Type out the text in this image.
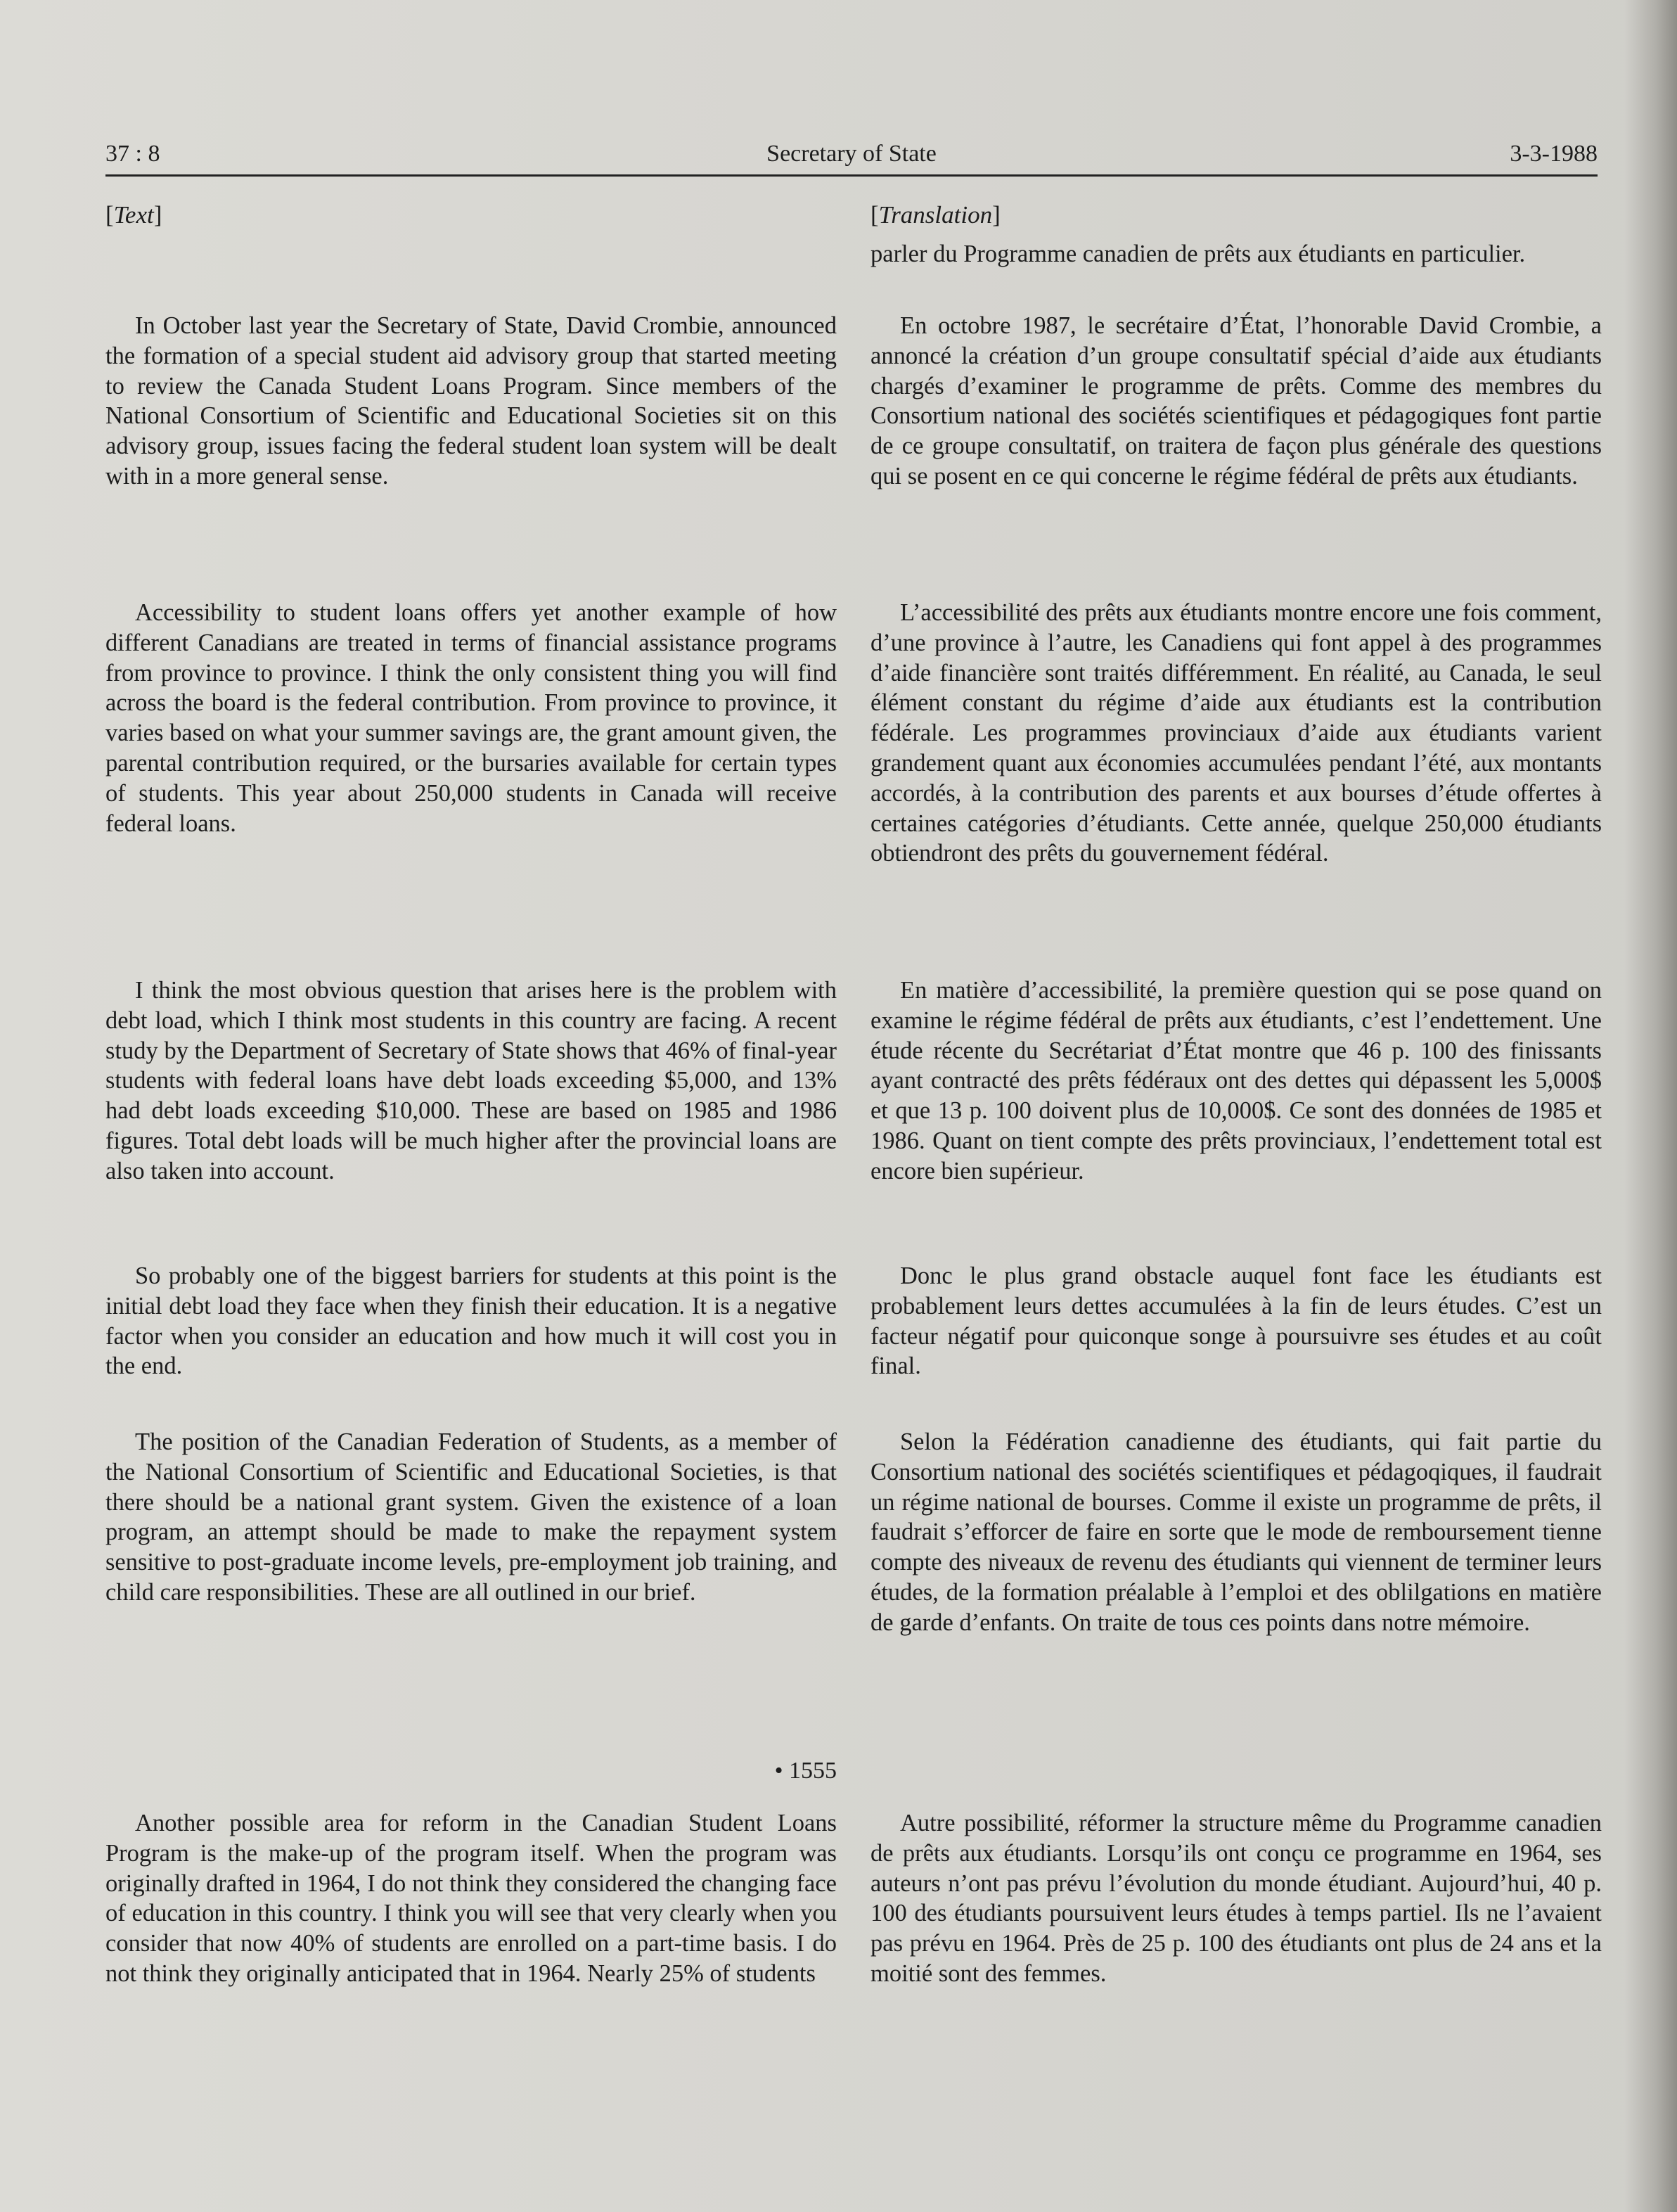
37 : 8	Secretary of State	3-3-1988
[Text]

In October last year the Secretary of State, David Crombie, announced the formation of a special student aid advisory group that started meeting to review the Canada Student Loans Program. Since members of the National Consortium of Scientific and Educational Societies sit on this advisory group, issues facing the federal student loan system will be dealt with in a more general sense.

Accessibility to student loans offers yet another example of how different Canadians are treated in terms of financial assistance programs from province to province. I think the only consistent thing you will find across the board is the federal contribution. From province to province, it varies based on what your summer savings are, the grant amount given, the parental contribution required, or the bursaries available for certain types of students. This year about 250,000 students in Canada will receive federal loans.

I think the most obvious question that arises here is the problem with debt load, which I think most students in this country are facing. A recent study by the Department of Secretary of State shows that 46% of final-year students with federal loans have debt loads exceeding $5,000, and 13% had debt loads exceeding $10,000. These are based on 1985 and 1986 figures. Total debt loads will be much higher after the provincial loans are also taken into account.

So probably one of the biggest barriers for students at this point is the initial debt load they face when they finish their education. It is a negative factor when you consider an education and how much it will cost you in the end.

The position of the Canadian Federation of Students, as a member of the National Consortium of Scientific and Educational Societies, is that there should be a national grant system. Given the existence of a loan program, an attempt should be made to make the repayment system sensitive to post-graduate income levels, pre-employment job training, and child care responsibilities. These are all outlined in our brief.

• 1555

Another possible area for reform in the Canadian Student Loans Program is the make-up of the program itself. When the program was originally drafted in 1964, I do not think they considered the changing face of education in this country. I think you will see that very clearly when you consider that now 40% of students are enrolled on a part-time basis. I do not think they originally anticipated that in 1964. Nearly 25% of students

[Translation]

parler du Programme canadien de prêts aux étudiants en particulier.

En octobre 1987, le secrétaire d’État, l’honorable David Crombie, a annoncé la création d’un groupe consultatif spécial d’aide aux étudiants chargés d’examiner le programme de prêts. Comme des membres du Consortium national des sociétés scientifiques et pédagogiques font partie de ce groupe consultatif, on traitera de façon plus générale des questions qui se posent en ce qui concerne le régime fédéral de prêts aux étudiants.

L’accessibilité des prêts aux étudiants montre encore une fois comment, d’une province à l’autre, les Canadiens qui font appel à des programmes d’aide financière sont traités différemment. En réalité, au Canada, le seul élément constant du régime d’aide aux étudiants est la contribution fédérale. Les programmes provinciaux d’aide aux étudiants varient grandement quant aux économies accumulées pendant l’été, aux montants accordés, à la contribution des parents et aux bourses d’étude offertes à certaines catégories d’étudiants. Cette année, quelque 250,000 étudiants obtiendront des prêts du gouvernement fédéral.

En matière d’accessibilité, la première question qui se pose quand on examine le régime fédéral de prêts aux étudiants, c’est l’endettement. Une étude récente du Secrétariat d’État montre que 46 p. 100 des finissants ayant contracté des prêts fédéraux ont des dettes qui dépassent les 5,000$ et que 13 p. 100 doivent plus de 10,000$. Ce sont des données de 1985 et 1986. Quant on tient compte des prêts provinciaux, l’endettement total est encore bien supérieur.

Donc le plus grand obstacle auquel font face les étudiants est probablement leurs dettes accumulées à la fin de leurs études. C’est un facteur négatif pour quiconque songe à poursuivre ses études et au coût final.

Selon la Fédération canadienne des étudiants, qui fait partie du Consortium national des sociétés scientifiques et pédagoqiques, il faudrait un régime national de bourses. Comme il existe un programme de prêts, il faudrait s’efforcer de faire en sorte que le mode de remboursement tienne compte des niveaux de revenu des étudiants qui viennent de terminer leurs études, de la formation préalable à l’emploi et des oblilgations en matière de garde d’enfants. On traite de tous ces points dans notre mémoire.

Autre possibilité, réformer la structure même du Programme canadien de prêts aux étudiants. Lorsqu’ils ont conçu ce programme en 1964, ses auteurs n’ont pas prévu l’évolution du monde étudiant. Aujourd’hui, 40 p. 100 des étudiants poursuivent leurs études à temps partiel. Ils ne l’avaient pas prévu en 1964. Près de 25 p. 100 des étudiants ont plus de 24 ans et la moitié sont des femmes.
